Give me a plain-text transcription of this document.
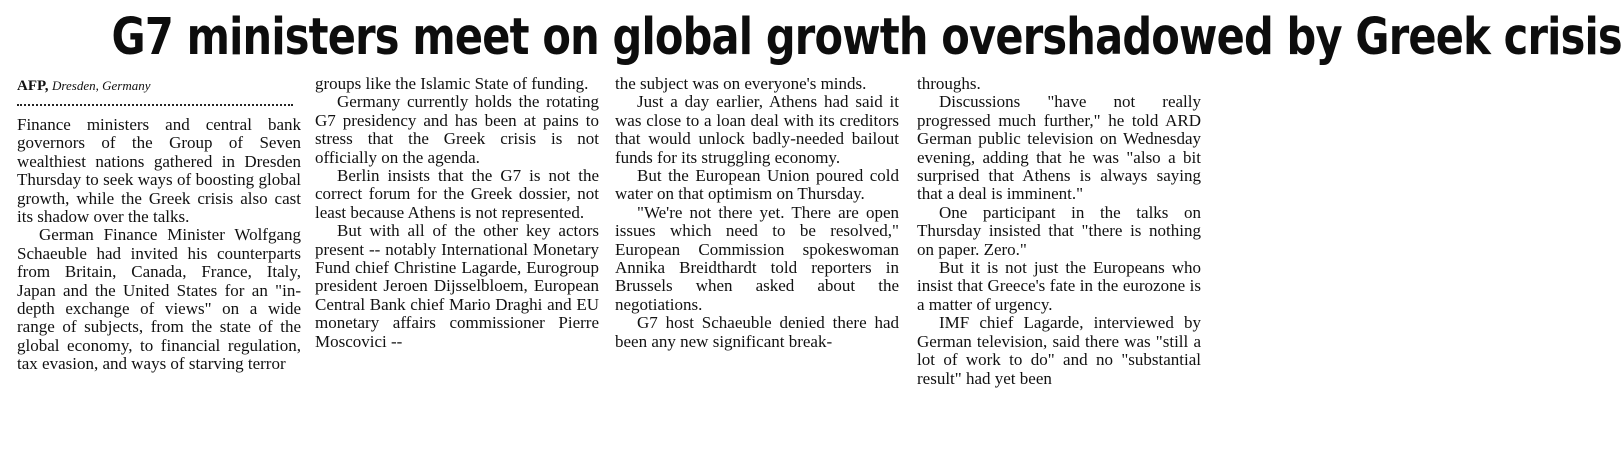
G7 ministers meet on global growth overshadowed by Greek crisis
AFP, Dresden, Germany

Finance ministers and central bank governors of the Group of Seven wealthiest nations gathered in Dresden Thursday to seek ways of boosting global growth, while the Greek crisis also cast its shadow over the talks.

German Finance Minister Wolfgang Schaeuble had invited his counterparts from Britain, Canada, France, Italy, Japan and the United States for an "in-depth exchange of views" on a wide range of subjects, from the state of the global economy, to financial regulation, tax evasion, and ways of starving terror

groups like the Islamic State of funding.

Germany currently holds the rotating G7 presidency and has been at pains to stress that the Greek crisis is not officially on the agenda.

Berlin insists that the G7 is not the correct forum for the Greek dossier, not least because Athens is not represented.

But with all of the other key actors present -- notably International Monetary Fund chief Christine Lagarde, Eurogroup president Jeroen Dijsselbloem, European Central Bank chief Mario Draghi and EU monetary affairs commissioner Pierre Moscovici --

the subject was on everyone's minds.

Just a day earlier, Athens had said it was close to a loan deal with its creditors that would unlock badly-needed bailout funds for its struggling economy.

But the European Union poured cold water on that optimism on Thursday.

"We're not there yet. There are open issues which need to be resolved," European Commission spokeswoman Annika Breidthardt told reporters in Brussels when asked about the negotiations.

G7 host Schaeuble denied there had been any new significant break-

throughs.

Discussions "have not really progressed much further," he told ARD German public television on Wednesday evening, adding that he was "also a bit surprised that Athens is always saying that a deal is imminent."

One participant in the talks on Thursday insisted that "there is nothing on paper. Zero."

But it is not just the Europeans who insist that Greece's fate in the eurozone is a matter of urgency.

IMF chief Lagarde, interviewed by German television, said there was "still a lot of work to do" and no "substantial result" had yet been
